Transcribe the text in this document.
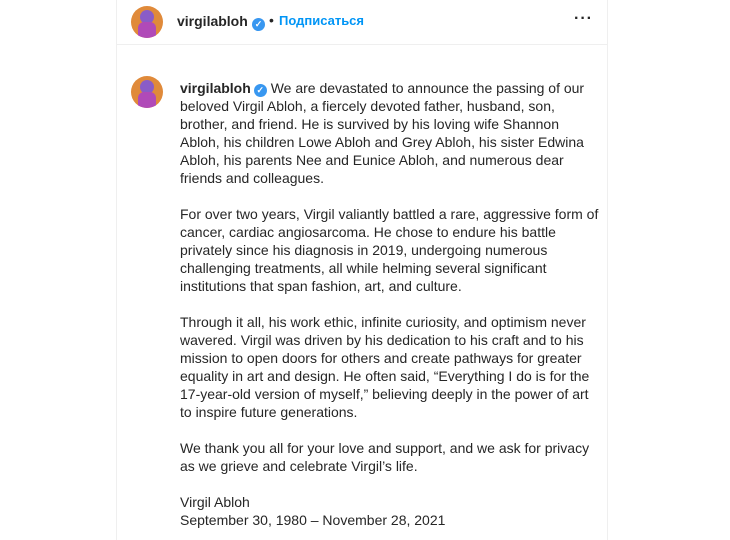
virgilabloh ✓ • Подписаться	···

virgilabloh ✓ We are devastated to announce the passing of our beloved Virgil Abloh, a fiercely devoted father, husband, son, brother, and friend. He is survived by his loving wife Shannon Abloh, his children Lowe Abloh and Grey Abloh, his sister Edwina Abloh, his parents Nee and Eunice Abloh, and numerous dear friends and colleagues.

For over two years, Virgil valiantly battled a rare, aggressive form of cancer, cardiac angiosarcoma. He chose to endure his battle privately since his diagnosis in 2019, undergoing numerous challenging treatments, all while helming several significant institutions that span fashion, art, and culture.

Through it all, his work ethic, infinite curiosity, and optimism never wavered. Virgil was driven by his dedication to his craft and to his mission to open doors for others and create pathways for greater equality in art and design. He often said, “Everything I do is for the 17-year-old version of myself,” believing deeply in the power of art to inspire future generations.

We thank you all for your love and support, and we ask for privacy as we grieve and celebrate Virgil’s life.

Virgil Abloh

September 30, 1980 – November 28, 2021
